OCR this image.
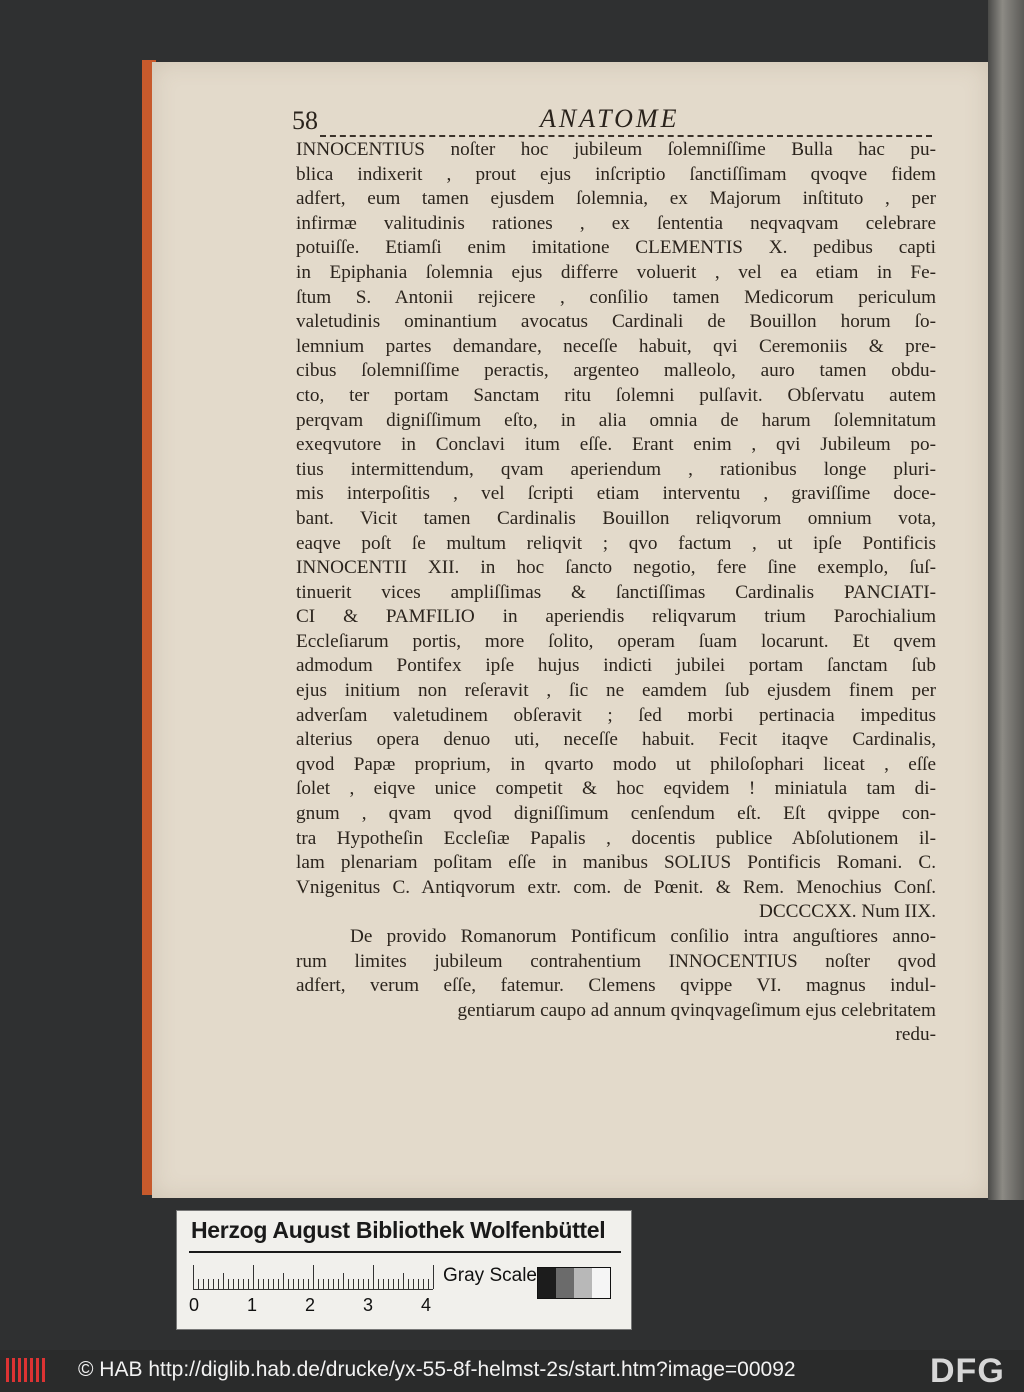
58	ANATOME
INNOCENTIUS noſter hoc jubileum ſolemniſſime Bulla hac pu-
blica indixerit , prout ejus inſcriptio ſanctiſſimam qvoqve fidem
adfert, eum tamen ejusdem ſolemnia, ex Majorum inſtituto , per
infirmæ valitudinis rationes , ex ſententia neqvaqvam celebrare
potuiſſe. Etiamſi enim imitatione CLEMENTIS X. pedibus capti
in Epiphania ſolemnia ejus differre voluerit , vel ea etiam in Fe-
ſtum S. Antonii rejicere , conſilio tamen Medicorum periculum
valetudinis ominantium avocatus Cardinali de Bouillon horum ſo-
lemnium partes demandare, neceſſe habuit, qvi Ceremoniis & pre-
cibus ſolemniſſime peractis, argenteo malleolo, auro tamen obdu-
cto, ter portam Sanctam ritu ſolemni pulſavit. Obſervatu autem
perqvam digniſſimum eſto, in alia omnia de harum ſolemnitatum
exeqvutore in Conclavi itum eſſe. Erant enim , qvi Jubileum po-
tius intermittendum, qvam aperiendum , rationibus longe pluri-
mis interpoſitis , vel ſcripti etiam interventu , graviſſime doce-
bant. Vicit tamen Cardinalis Bouillon reliqvorum omnium vota,
eaqve poſt ſe multum reliqvit ; qvo factum , ut ipſe Pontificis
INNOCENTII XII. in hoc ſancto negotio, fere ſine exemplo, ſuſ-
tinuerit vices ampliſſimas & ſanctiſſimas Cardinalis PANCIATI-
CI & PAMFILIO in aperiendis reliqvarum trium Parochialium
Eccleſiarum portis, more ſolito, operam ſuam locarunt. Et qvem
admodum Pontifex ipſe hujus indicti jubilei portam ſanctam ſub
ejus initium non reſeravit , ſic ne eamdem ſub ejusdem finem per
adverſam valetudinem obſeravit ; ſed morbi pertinacia impeditus
alterius opera denuo uti, neceſſe habuit. Fecit itaqve Cardinalis,
qvod Papæ proprium, in qvarto modo ut philoſophari liceat , eſſe
ſolet , eiqve unice competit & hoc eqvidem ! miniatula tam di-
gnum , qvam qvod digniſſimum cenſendum eſt. Eſt qvippe con-
tra Hypotheſin Eccleſiæ Papalis , docentis publice Abſolutionem il-
lam plenariam poſitam eſſe in manibus SOLIUS Pontificis Romani. C.
Vnigenitus C. Antiqvorum extr. com. de Pœnit. & Rem. Menochius Conſ.
DCCCCXX. Num IIX.
De provido Romanorum Pontificum conſilio intra anguſtiores anno-
rum limites jubileum contrahentium INNOCENTIUS noſter qvod
adfert, verum eſſe, fatemur. Clemens qvippe VI. magnus indul-
gentiarum caupo ad annum qvinqvageſimum ejus celebritatem
redu-
Herzog August Bibliothek Wolfenbüttel
0	1	2	3	4
Gray Scale
© HAB http://diglib.hab.de/drucke/yx-55-8f-helmst-2s/start.htm?image=00092	DFG
